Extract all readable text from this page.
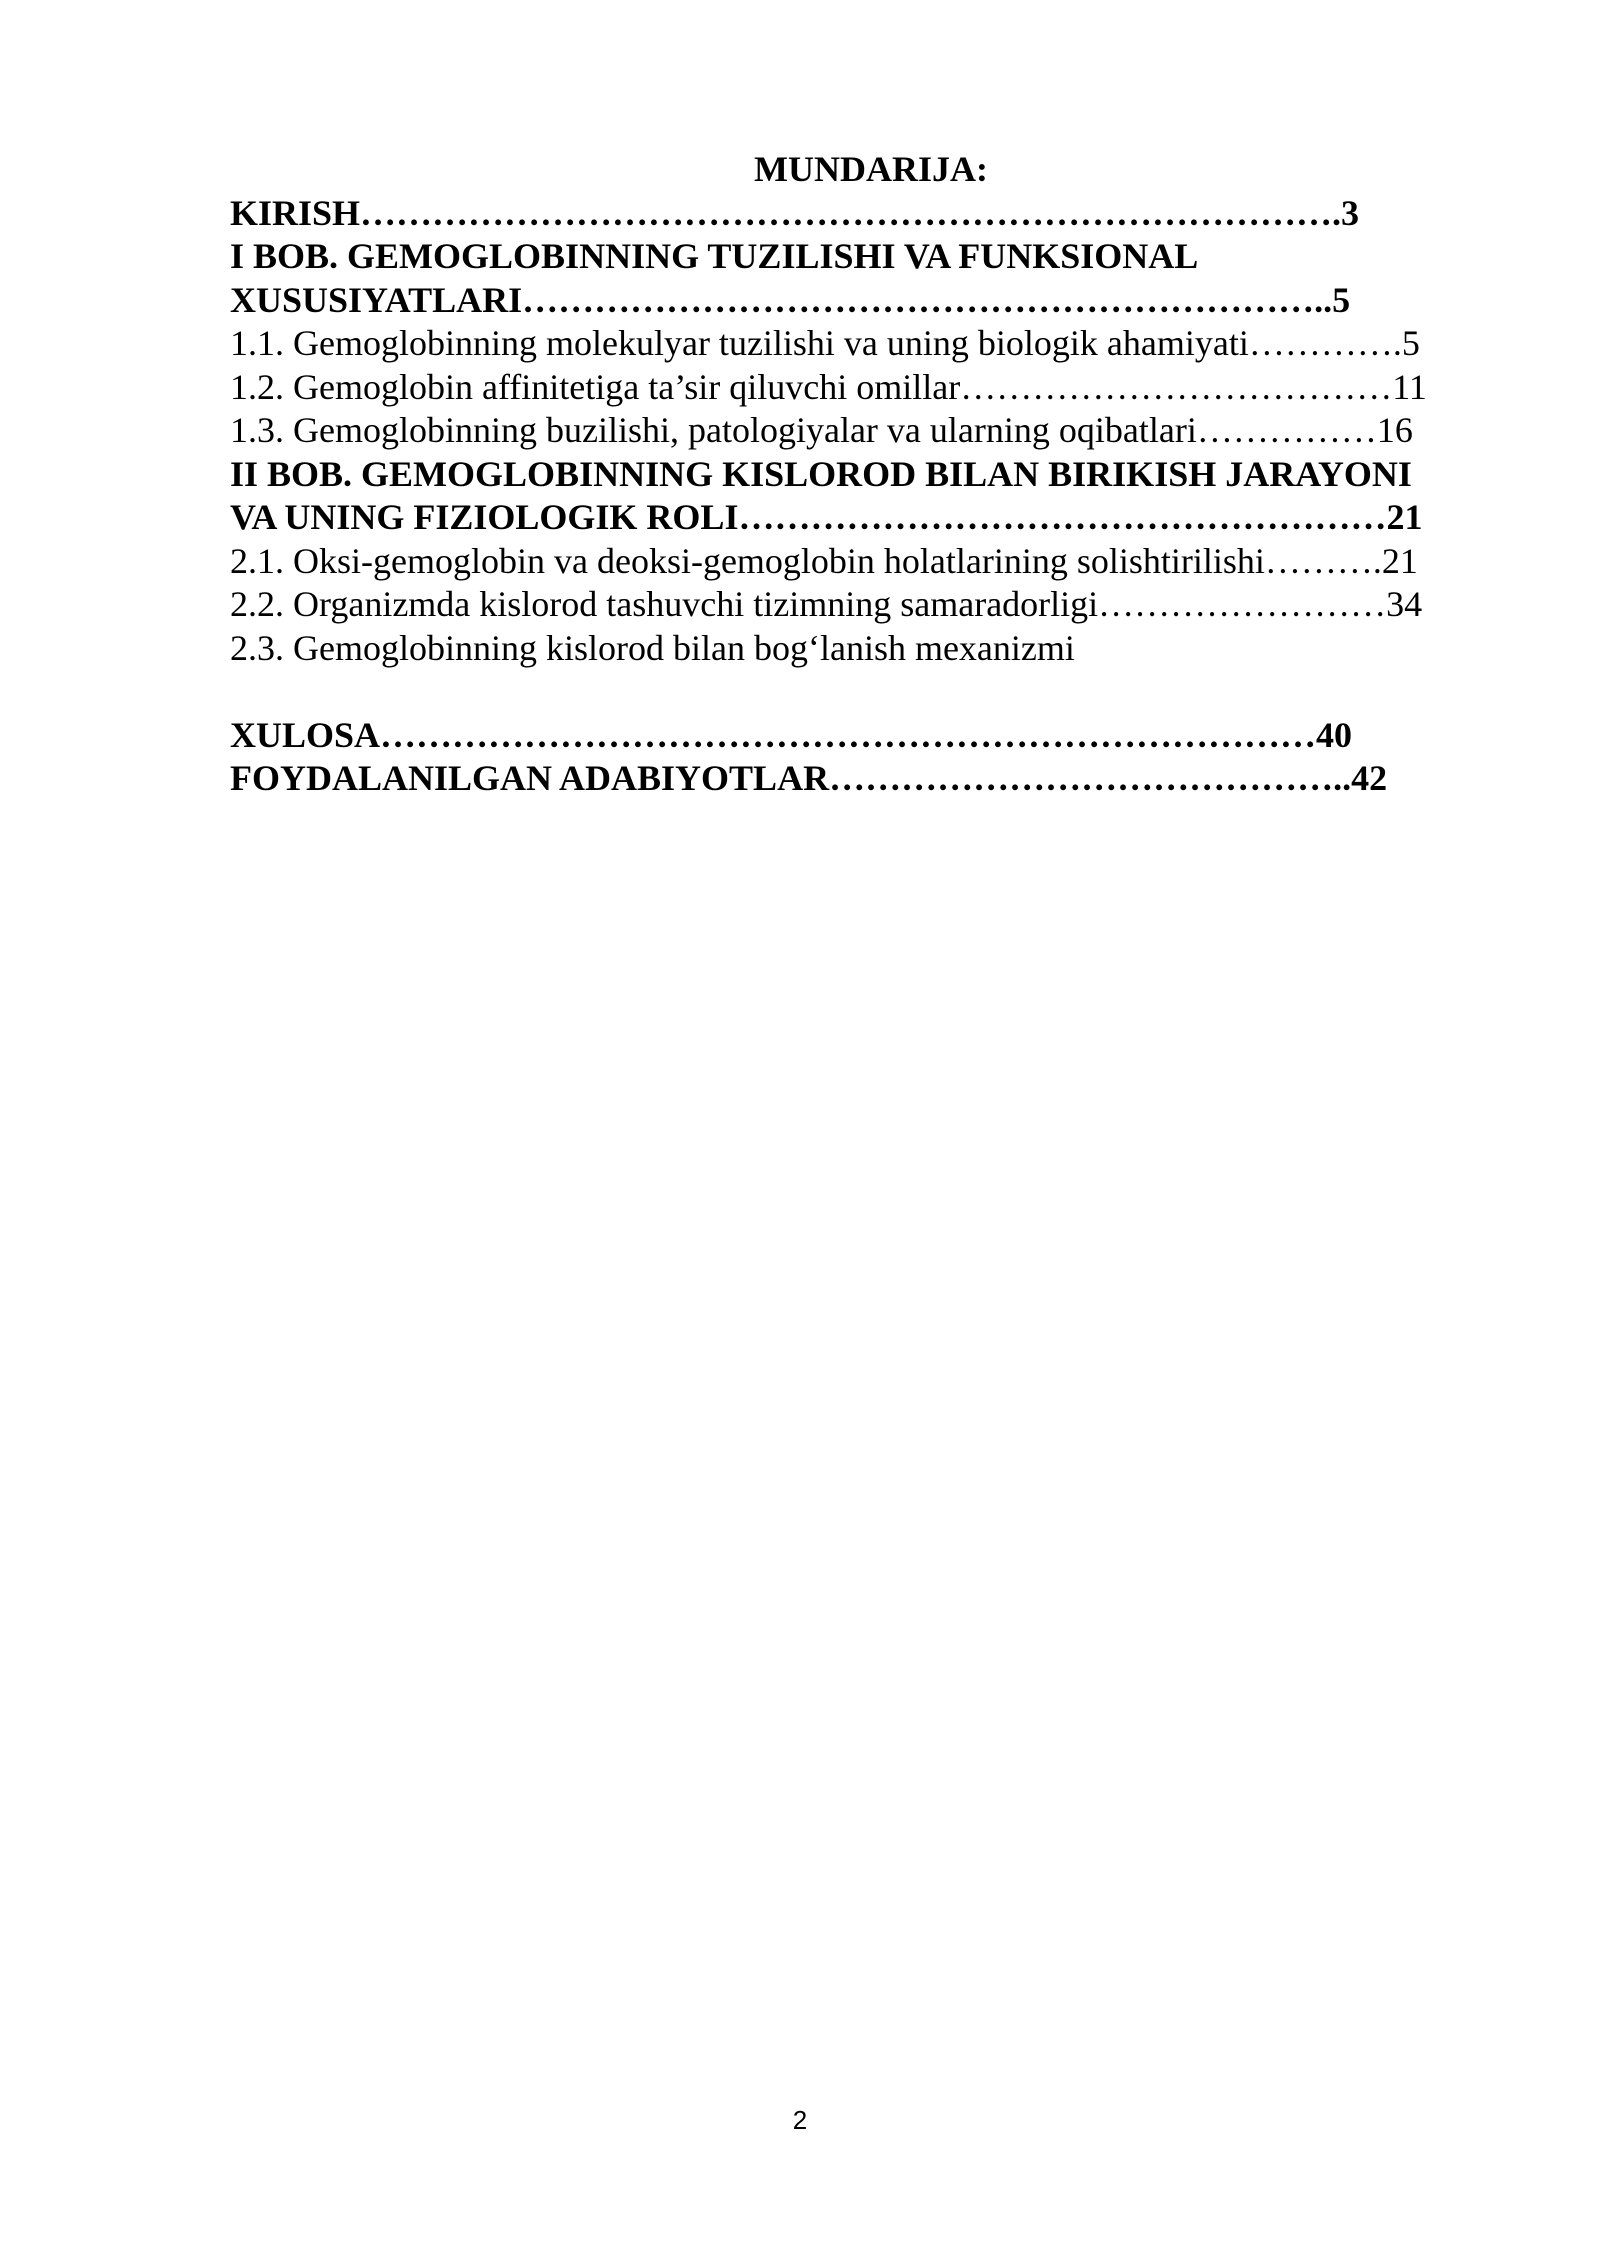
MUNDARIJA:
KIRISH……………………………………………………………………….3
I BOB. GEMOGLOBINNING TUZILISHI VA FUNKSIONAL
XUSUSIYATLARI…………………………………………………………..5
1.1. Gemoglobinning molekulyar tuzilishi va uning biologik ahamiyati………….5
1.2. Gemoglobin affinitetiga ta’sir qiluvchi omillar………………………………11
1.3. Gemoglobinning buzilishi, patologiyalar va ularning oqibatlari……………16
II BOB. GEMOGLOBINNING KISLOROD BILAN BIRIKISH JARAYONI
VA UNING FIZIOLOGIK ROLI………………………………………………21
2.1. Oksi-gemoglobin va deoksi-gemoglobin holatlarining solishtirilishi……….21
2.2. Organizmda kislorod tashuvchi tizimning samaradorligi……………………34
2.3. Gemoglobinning kislorod bilan bog‘lanish mexanizmi
XULOSA……………………………………………………………………40
FOYDALANILGAN ADABIYOTLAR……………………………………..42
2
